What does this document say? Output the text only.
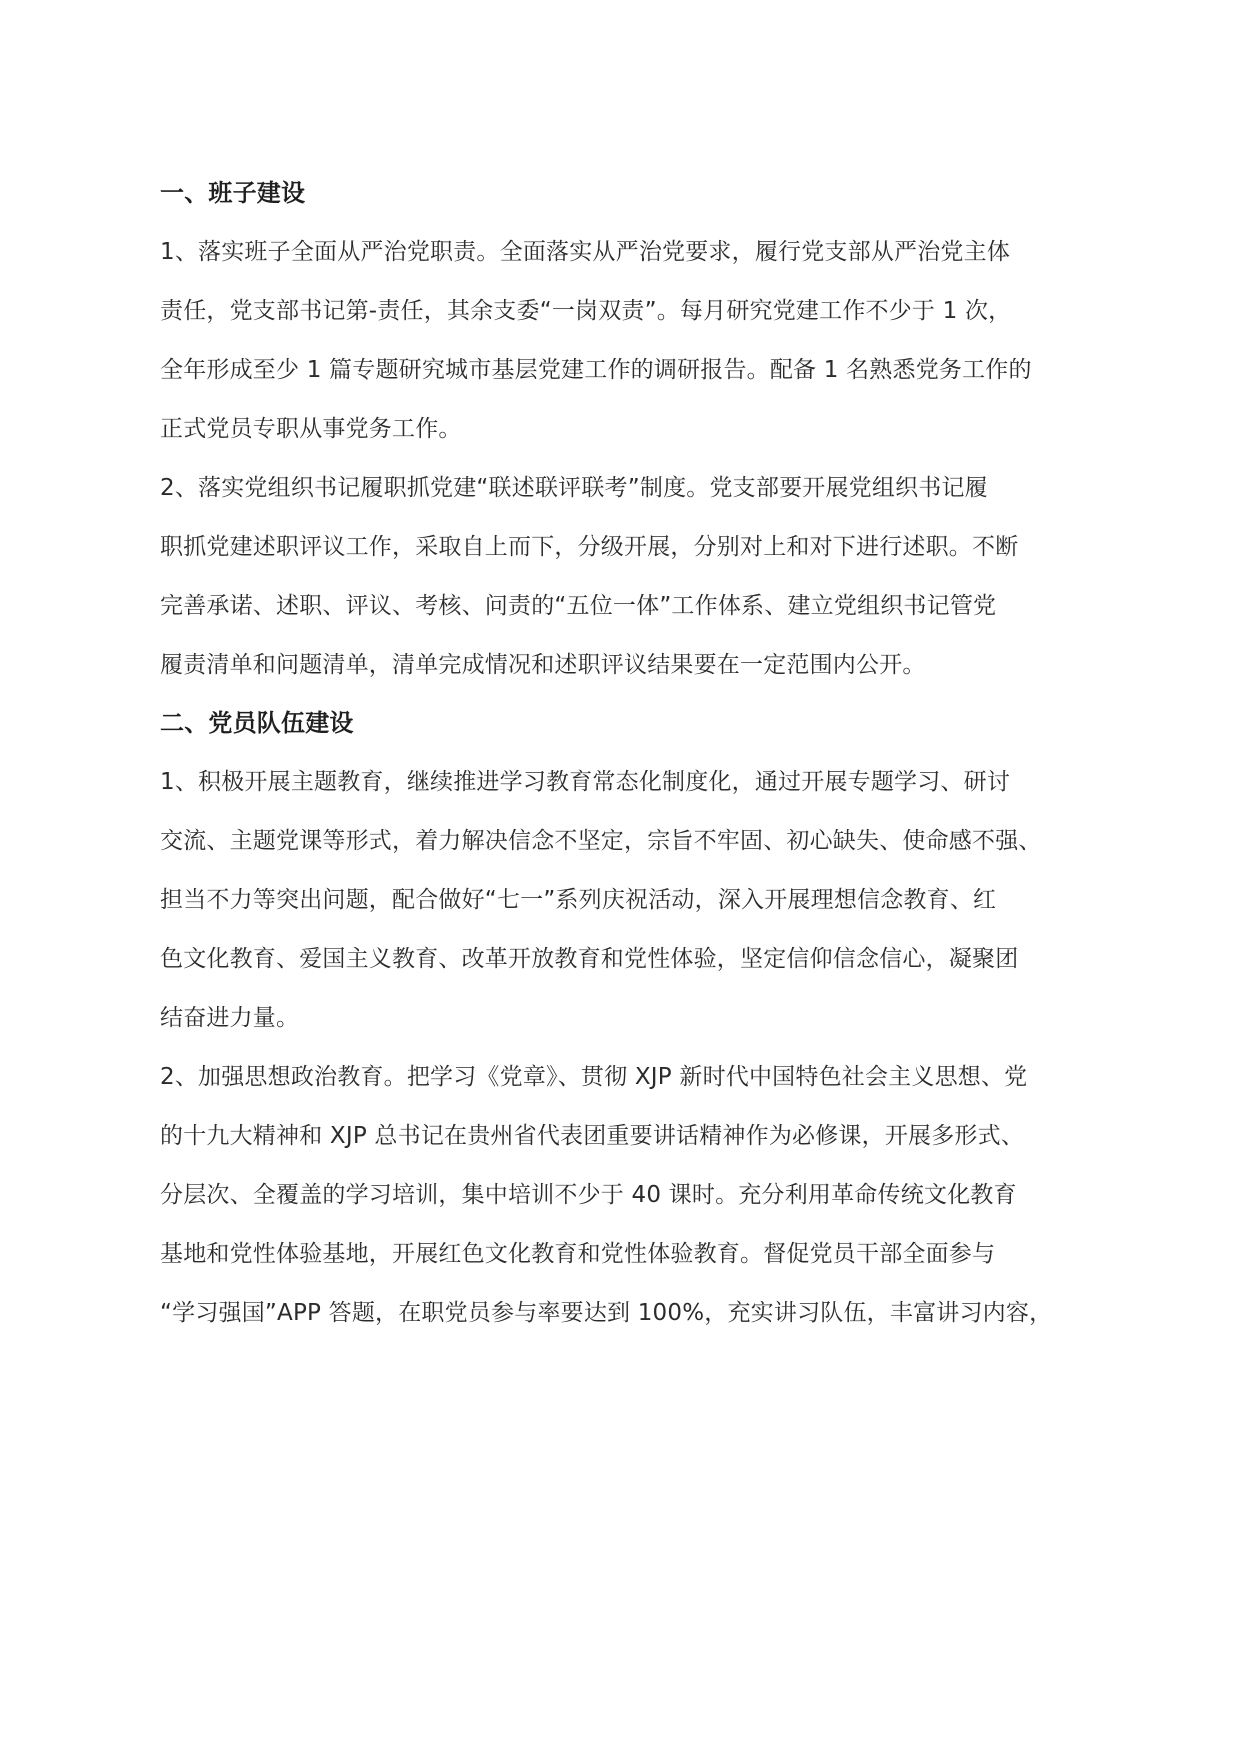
一、班子建设
1、落实班子全面从严治党职责。全面落实从严治党要求，履行党支部从严治党主体
责任，党支部书记第-责任，其余支委“一岗双责”。每月研究党建工作不少于 1 次，
全年形成至少 1 篇专题研究城市基层党建工作的调研报告。配备 1 名熟悉党务工作的
正式党员专职从事党务工作。
2、落实党组织书记履职抓党建“联述联评联考”制度。党支部要开展党组织书记履
职抓党建述职评议工作，采取自上而下，分级开展，分别对上和对下进行述职。不断
完善承诺、述职、评议、考核、问责的“五位一体”工作体系、建立党组织书记管党
履责清单和问题清单，清单完成情况和述职评议结果要在一定范围内公开。
二、党员队伍建设
1、积极开展主题教育，继续推进学习教育常态化制度化，通过开展专题学习、研讨
交流、主题党课等形式，着力解决信念不坚定，宗旨不牢固、初心缺失、使命感不强、
担当不力等突出问题，配合做好“七一”系列庆祝活动，深入开展理想信念教育、红
色文化教育、爱国主义教育、改革开放教育和党性体验，坚定信仰信念信心，凝聚团
结奋进力量。
2、加强思想政治教育。把学习《党章》、贯彻 XJP 新时代中国特色社会主义思想、党
的十九大精神和 XJP 总书记在贵州省代表团重要讲话精神作为必修课，开展多形式、
分层次、全覆盖的学习培训，集中培训不少于 40 课时。充分利用革命传统文化教育
基地和党性体验基地，开展红色文化教育和党性体验教育。督促党员干部全面参与
“学习强国”APP 答题，在职党员参与率要达到 100%，充实讲习队伍，丰富讲习内容，
